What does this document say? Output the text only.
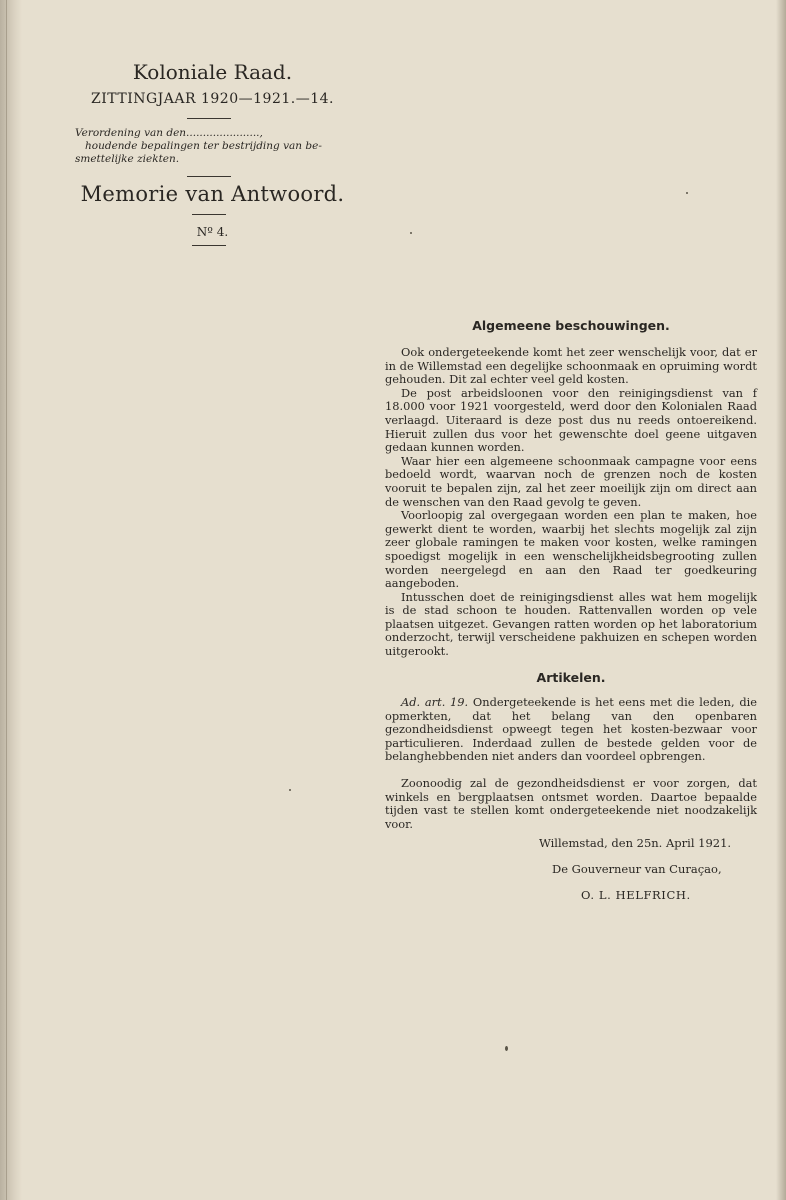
Koloniale Raad.
ZITTINGJAAR 1920—1921.—14.
Verordening van den......................,

houdende bepalingen ter bestrijding van be-
smettelijke ziekten.
Memorie van Antwoord.
Nº 4.
Algemeene beschouwingen.

Ook ondergeteekende komt het zeer wenschelijk voor, dat er in de Willemstad een degelijke schoonmaak en opruiming wordt gehouden. Dit zal echter veel geld kosten.

De post arbeidsloonen voor den reinigingsdienst van f 18.000 voor 1921 voorgesteld, werd door den Kolonialen Raad verlaagd. Uiteraard is deze post dus nu reeds ontoereikend. Hieruit zullen dus voor het gewenschte doel geene uitgaven gedaan kunnen worden.

Waar hier een algemeene schoonmaak campagne voor eens bedoeld wordt, waarvan noch de grenzen noch de kosten vooruit te bepalen zijn, zal het zeer moeilijk zijn om direct aan de wenschen van den Raad gevolg te geven.

Voorloopig zal overgegaan worden een plan te maken, hoe gewerkt dient te worden, waarbij het slechts mogelijk zal zijn zeer globale ramingen te maken voor kosten, welke ramingen spoedigst mogelijk in een wenschelijkheidsbegrooting zullen worden neergelegd en aan den Raad ter goedkeuring aangeboden.

Intusschen doet de reinigingsdienst alles wat hem mogelijk is de stad schoon te houden. Rattenvallen worden op vele plaatsen uitgezet. Gevangen ratten worden op het laboratorium onderzocht, terwijl verscheidene pakhuizen en schepen worden uitgerookt.

Artikelen.

Ad. art. 19. Ondergeteekende is het eens met die leden, die opmerkten, dat het belang van den openbaren gezondheidsdienst opweegt tegen het kosten-bezwaar voor particulieren. Inderdaad zullen de bestede gelden voor de belanghebbenden niet anders dan voordeel opbrengen.

Zoonoodig zal de gezondheidsdienst er voor zorgen, dat winkels en bergplaatsen ontsmet worden. Daartoe bepaalde tijden vast te stellen komt ondergeteekende niet noodzakelijk voor.

Willemstad, den 25n. April 1921.
De Gouverneur van Curaçao,
O. L. HELFRICH.
